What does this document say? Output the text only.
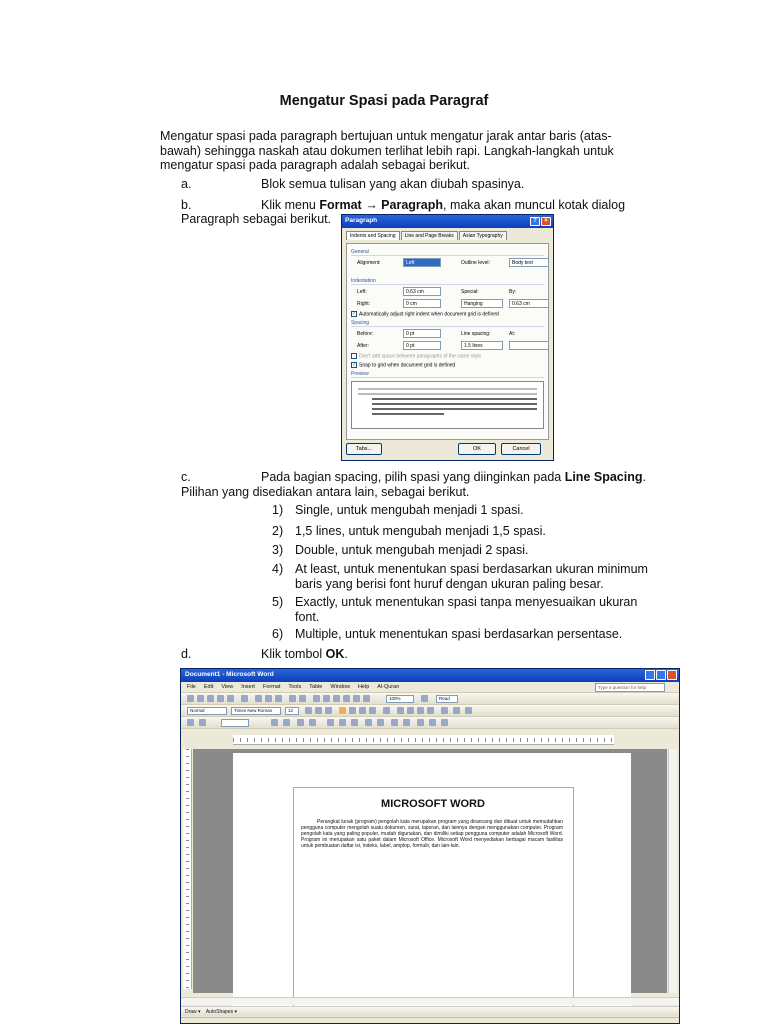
Mengatur Spasi pada Paragraf
Mengatur spasi pada paragraph bertujuan untuk mengatur jarak antar baris (atas-bawah) sehingga naskah atau dokumen terlihat lebih rapi. Langkah-langkah untuk mengatur spasi pada paragraph adalah sebagai berikut.
a.	Blok semua tulisan yang akan diubah spasinya.
b.	Klik menu Format → Paragraph, maka akan muncul kotak dialog
Paragraph sebagai berikut.	Paragraph	?	×
Indents and Spacing	Line and Page Breaks	Asian Typography
General
Alignment:	Left	Outline level:	Body text
Indentation
Left:	0.63 cm	Special:	By:
Right:	0 cm	Hanging	0.63 cm
✓ Automatically adjust right indent when document grid is defined
Spacing
Before:	0 pt	Line spacing:	At:
After:	0 pt	1.5 lines
Don't add space between paragraphs of the same style
✓ Snap to grid when document grid is defined
Preview
Tabs...	OK	Cancel
c.	Pada bagian spacing, pilih spasi yang diinginkan pada Line Spacing.
Pilihan yang disediakan antara lain, sebagai berikut.
1) Single, untuk mengubah menjadi 1 spasi.
2) 1,5 lines, untuk mengubah menjadi 1,5 spasi.
3) Double, untuk mengubah menjadi 2 spasi.
4) At least, untuk menentukan spasi berdasarkan ukuran minimum baris yang berisi font huruf dengan ukuran paling besar.
5) Exactly, untuk menentukan spasi tanpa menyesuaikan ukuran font.
6) Multiple, untuk menentukan spasi berdasarkan persentase.
d.	Klik tombol OK.
Document1 - Microsoft Word
File Edit View Insert Format Tools Table Window Help Al-Quran	Type a question for help
100%	Read
Normal	Times New Roman	12
MICROSOFT WORD
Perangkat lunak (program) pengolah kata merupakan program yang dirancang dan dibuat untuk memudahkan pengguna computer mengolah suatu dokumen, surat, laporan, dan lainnya dengan menggunakan computer. Program pengolah kata yang paling populer, mudah digunakan, dan dimiliki setiap pengguna computer adalah Microsoft Word. Program ini merupakan satu paket dalam Microsoft Office. Microsoft Word menyediakan berbagai macam fasilitas untuk pembuatan daftar isi, indeks, label, amplop, formulir, dan lain-lain.
Draw ▾ AutoShapes ▾
